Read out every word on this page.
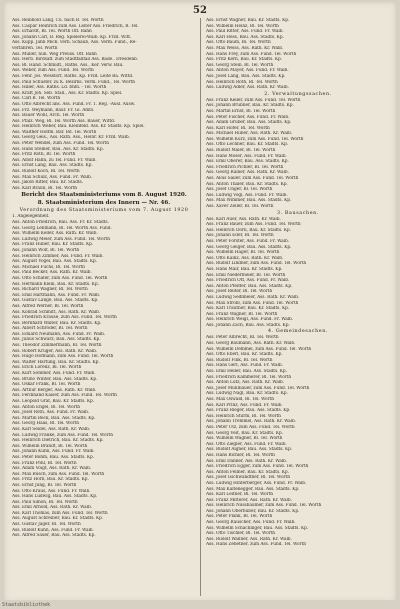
52
Ass. Reinhold Lang, Cu. nach B. Tel. Worth
Ass. Caspar Heinrich zum Ass. Leiter Ass. Friedrich, B. Tel.
Ass. Erhardt, Bl. Tel. Worth Off. Bahn
Ass. Johann Carl, B. Reg. Spielerei-Walb. Kp. Frzd. Witt.
Ass. Kupp. Jahn Mick. verh. Schaub, Ass. Verm. Fund., Re-
verfahren. Tel. Worth
Ass. Müller, nun. Weg Preuss. Off. Bahn
Ass. Herb. Birdsaff. zum Stadtfallfall Ass. Bade.. Dresdenb.
Ass. Bl. Hand. Schmidt., Raths. Ass., Ker. Verw. Bau.
Ass. Weber, zum Ass. Fund. Tel. Worth
Ass. Fehr. Jos. Wesstorf, Raths. Kp. Frzd. Leite Ba. Wittd.
Ass. Paul Schuster, zu K. Bezirks. Verm. Fund., Tel. Worth
Ass. Hiller, Ass. Raths. Ld. bhm. - Tel. Worth
Ass. Kraft Joh. Seb. Stall., Ass. Kr. Stadts. Kp. Spiel.
Ass. Carl B. Tel. Worth
Ass. Otto Albrecht ans. Ass. Fund. Fr. 1. Reg. -Ausl. Ausw.
Ass. Frz. Weymann, Baur. Fr. Gl. Amts.
Ass. Bauer Wohl, Arch. Tel. Worth
Ass. Pfalz. Weg, Bl. Tel. Worth Ass. Bauer, Wittd.
Ass. Heinrich Weber, Bau. Kleinfeld. Ass. Kr. Stadts. Kp. Spiel.
Ass. Walther Hoffm. Bar. Bd. Tel. Worth
Ass. Georg Geis., Ass. Rath. Ass., Heinr. Kr. Frzd. Walb.
Ass. Peter Wendel, zum Ass. Fund. Tel. Worth
Ass. Hans Steiner, Bau. Ass. Kr. Stadts. Kp.
Ass. Fritz Roth, Bl. Tel. Worth
Ass. Adolf Hahn, zu Tel. Fund. Fr. Walb.
Ass. Ernst Lang, Bau. Ass. Stadts. Kp.
Ass. Rudolf Koch, Bl. Tel. Worth
Ass. Max Schulz, Ass. Fund. Fr. Walb.
Ass. Jakob Ritter, Bau. Kr. Stadts.
Ass. Karl Braun, Bl. Tel. Worth
Bericht des Staatsministeriums vom 8. August 1920.
8. Staatsministerium des Innern — Nr. 46.
Verordnung des Staatsministeriums vom 7. August 1920
1. Angelegenheit.
Ass. Anton Friedrich, Bau. Ass. Fr. Kr. Stadts.
Ass. Georg Lehmann, Bl. Tel. Worth Ass. Fund.
Ass. Wilhelm Keller, Ass. Rath. Kr. Walb.
Ass. Ludwig Meier, zum Ass. Fund. Tel. Worth
Ass. Franz Huber, Bau. Kr. Stadts. Kp.
Ass. Johann Wolf, Bl. Tel. Worth
Ass. Heinrich Zimmer, Ass. Fund. Fr. Walb.
Ass. August Vogel, Bau. Ass. Stadts. Kp.
Ass. Michael Fuchs, Bl. Tel. Worth
Ass. Paul Becker, Ass. Rath. Kr. Walb.
Ass. Otto Schäfer, zum Ass. Fund. Tel. Worth
Ass. Hermann Klein, Bau. Kr. Stadts. Kp.
Ass. Richard Wagner, Bl. Tel. Worth
Ass. Emil Hartmann, Ass. Fund. Fr. Walb.
Ass. Gustav Lange, Bau. Ass. Stadts. Kp.
Ass. Alfred Werner, Bl. Tel. Worth
Ass. Konrad Schmitt, Ass. Rath. Kr. Walb.
Ass. Friedrich Krause, zum Ass. Fund. Tel. Worth
Ass. Bernhard Walter, Bau. Kr. Stadts. Kp.
Ass. Albert Schröder, Bl. Tel. Worth
Ass. Eduard Neumann, Ass. Fund. Fr. Walb.
Ass. Julius Schwarz, Bau. Ass. Stadts. Kp.
Ass. Theodor Zimmermann, Bl. Tel. Worth
Ass. Robert Krüger, Ass. Rath. Kr. Walb.
Ass. Hugo Hofmann, zum Ass. Fund. Tel. Worth
Ass. Walter Hartung, Bau. Kr. Stadts. Kp.
Ass. Erich Lorenz, Bl. Tel. Worth
Ass. Kurt Sommer, Ass. Fund. Fr. Walb.
Ass. Bruno Winter, Bau. Ass. Stadts. Kp.
Ass. Oskar Frank, Bl. Tel. Worth
Ass. Arthur Berger, Ass. Rath. Kr. Walb.
Ass. Ferdinand Kaiser, zum Ass. Fund. Tel. Worth
Ass. Leopold Graf, Bau. Kr. Stadts. Kp.
Ass. Anton Engel, Bl. Tel. Worth
Ass. Josef Roth, Ass. Fund. Fr. Walb.
Ass. Martin Beck, Bau. Ass. Stadts. Kp.
Ass. Georg Haas, Bl. Tel. Worth
Ass. Karl Seidel, Ass. Rath. Kr. Walb.
Ass. Ludwig Franke, zum Ass. Fund. Tel. Worth
Ass. Heinrich Dietrich, Bau. Kr. Stadts. Kp.
Ass. Wilhelm Brandt, Bl. Tel. Worth
Ass. Johann Kuhn, Ass. Fund. Fr. Walb.
Ass. Peter Böhm, Bau. Ass. Stadts. Kp.
Ass. Franz Pohl, Bl. Tel. Worth
Ass. Adam Voigt, Ass. Rath. Kr. Walb.
Ass. Max Busch, zum Ass. Fund. Tel. Worth
Ass. Fritz Horn, Bau. Kr. Stadts. Kp.
Ass. Ernst Jung, Bl. Tel. Worth
Ass. Otto Kraus, Ass. Fund. Fr. Walb.
Ass. Hans Ludwig, Bau. Ass. Stadts. Kp.
Ass. Paul Simon, Bl. Tel. Worth
Ass. Emil Arnold, Ass. Rath. Kr. Walb.
Ass. Karl Thomas, zum Ass. Fund. Tel. Worth
Ass. August Schreiber, Bau. Kr. Stadts. Kp.
Ass. Gustav Jäger, Bl. Tel. Worth
Ass. Rudolf Kühn, Ass. Fund. Fr. Walb.
Ass. Alfred Sauer, Bau. Ass. Stadts. Kp.
Ass. Ernst Wagner, Bau. Kr. Stadts. Kp.
Ass. Wilhelm Heinz, Bl. Tel. Worth
Ass. Paul Ritter, Ass. Fund. Fr. Walb.
Ass. Karl Hess, Bau. Ass. Stadts. Kp.
Ass. Otto Baum, Bl. Tel. Worth
Ass. Max Weiss, Ass. Rath. Kr. Walb.
Ass. Hans Frey, zum Ass. Fund. Tel. Worth
Ass. Fritz Kern, Bau. Kr. Stadts. Kp.
Ass. Georg Stein, Bl. Tel. Worth
Ass. Anton Mayer, Ass. Fund. Fr. Walb.
Ass. Josef Lang, Bau. Ass. Stadts. Kp.
Ass. Heinrich Roth, Bl. Tel. Worth
Ass. Ludwig Adler, Ass. Rath. Kr. Walb.
2. Verwaltungssachen.
Ass. Franz Keller, zum Ass. Fund. Tel. Worth
Ass. Johann Brunner, Bau. Kr. Stadts. Kp.
Ass. Martin Ernst, Bl. Tel. Worth
Ass. Peter Fischer, Ass. Fund. Fr. Walb.
Ass. Adam Gruber, Bau. Ass. Stadts. Kp.
Ass. Karl Hofer, Bl. Tel. Worth
Ass. Michael Huber, Ass. Rath. Kr. Walb.
Ass. Wilhelm Kurz, zum Ass. Fund. Tel. Worth
Ass. Otto Lechner, Bau. Kr. Stadts. Kp.
Ass. Rudolf Maier, Bl. Tel. Worth
Ass. Hans Moser, Ass. Fund. Fr. Walb.
Ass. Emil Oberer, Bau. Ass. Stadts. Kp.
Ass. Friedrich Pichler, Bl. Tel. Worth
Ass. Georg Rainer, Ass. Rath. Kr. Walb.
Ass. Alois Sailer, zum Ass. Fund. Tel. Worth
Ass. Anton Thaler, Bau. Kr. Stadts. Kp.
Ass. Josef Unger, Bl. Tel. Worth
Ass. Ludwig Vogl, Ass. Fund. Fr. Walb.
Ass. Max Wimmer, Bau. Ass. Stadts. Kp.
Ass. Xaver Zeller, Bl. Tel. Worth
3. Bausachen.
Ass. Karl Auer, Ass. Rath. Kr. Walb.
Ass. Franz Bauer, zum Ass. Fund. Tel. Worth
Ass. Heinrich Dorn, Bau. Kr. Stadts. Kp.
Ass. Johann Eder, Bl. Tel. Worth
Ass. Peter Forster, Ass. Fund. Fr. Walb.
Ass. Georg Geiger, Bau. Ass. Stadts. Kp.
Ass. Wilhelm Hager, Bl. Tel. Worth
Ass. Otto Kainz, Ass. Rath. Kr. Walb.
Ass. Rudolf Lindner, zum Ass. Fund. Tel. Worth
Ass. Hans Mair, Bau. Kr. Stadts. Kp.
Ass. Emil Niedermeier, Bl. Tel. Worth
Ass. Friedrich Ott, Ass. Fund. Fr. Walb.
Ass. Anton Pfeiffer, Bau. Ass. Stadts. Kp.
Ass. Josef Reiter, Bl. Tel. Worth
Ass. Ludwig Sedlmeier, Ass. Rath. Kr. Walb.
Ass. Max Strobl, zum Ass. Fund. Tel. Worth
Ass. Karl Trautner, Bau. Kr. Stadts. Kp.
Ass. Franz Wagner, Bl. Tel. Worth
Ass. Heinrich Weigl, Ass. Fund. Fr. Walb.
Ass. Johann Zach, Bau. Ass. Stadts. Kp.
4. Gemeindesachen.
Ass. Peter Albrecht, Bl. Tel. Worth
Ass. Georg Baumann, Ass. Rath. Kr. Walb.
Ass. Wilhelm Demmel, zum Ass. Fund. Tel. Worth
Ass. Otto Eberl, Bau. Kr. Stadts. Kp.
Ass. Rudolf Fink, Bl. Tel. Worth
Ass. Hans Gerl, Ass. Fund. Fr. Walb.
Ass. Emil Heller, Bau. Ass. Stadts. Kp.
Ass. Friedrich Kammerer, Bl. Tel. Worth
Ass. Anton Lutz, Ass. Rath. Kr. Walb.
Ass. Josef Mühlbauer, zum Ass. Fund. Tel. Worth
Ass. Ludwig Nagl, Bau. Kr. Stadts. Kp.
Ass. Max Oswald, Bl. Tel. Worth
Ass. Karl Prinz, Ass. Fund. Fr. Walb.
Ass. Franz Rieger, Bau. Ass. Stadts. Kp.
Ass. Heinrich Sturm, Bl. Tel. Worth
Ass. Johann Tremmel, Ass. Rath. Kr. Walb.
Ass. Peter Utz, zum Ass. Fund. Tel. Worth
Ass. Georg Veit, Bau. Kr. Stadts. Kp.
Ass. Wilhelm Wagner, Bl. Tel. Worth
Ass. Otto Ziegler, Ass. Fund. Fr. Walb.
Ass. Rudolf Aigner, Bau. Ass. Stadts. Kp.
Ass. Hans Bichler, Bl. Tel. Worth
Ass. Emil Danner, Ass. Rath. Kr. Walb.
Ass. Friedrich Egger, zum Ass. Fund. Tel. Worth
Ass. Anton Fellner, Bau. Kr. Stadts. Kp.
Ass. Josef Gschwandtner, Bl. Tel. Worth
Ass. Ludwig Hinterberger, Ass. Fund. Fr. Walb.
Ass. Max Kaltenegger, Bau. Ass. Stadts. Kp.
Ass. Karl Leitner, Bl. Tel. Worth
Ass. Franz Mitterer, Ass. Rath. Kr. Walb.
Ass. Heinrich Nussbaumer, zum Ass. Fund. Tel. Worth
Ass. Johann Oberhuber, Bau. Kr. Stadts. Kp.
Ass. Peter Plank, Bl. Tel. Worth
Ass. Georg Rauscher, Ass. Fund. Fr. Walb.
Ass. Wilhelm Schachinger, Bau. Ass. Stadts. Kp.
Ass. Otto Tischler, Bl. Tel. Worth
Ass. Rudolf Wallner, Ass. Rath. Kr. Walb.
Ass. Hans Zehetner, zum Ass. Fund. Tel. Worth
Staatsbibliothek
